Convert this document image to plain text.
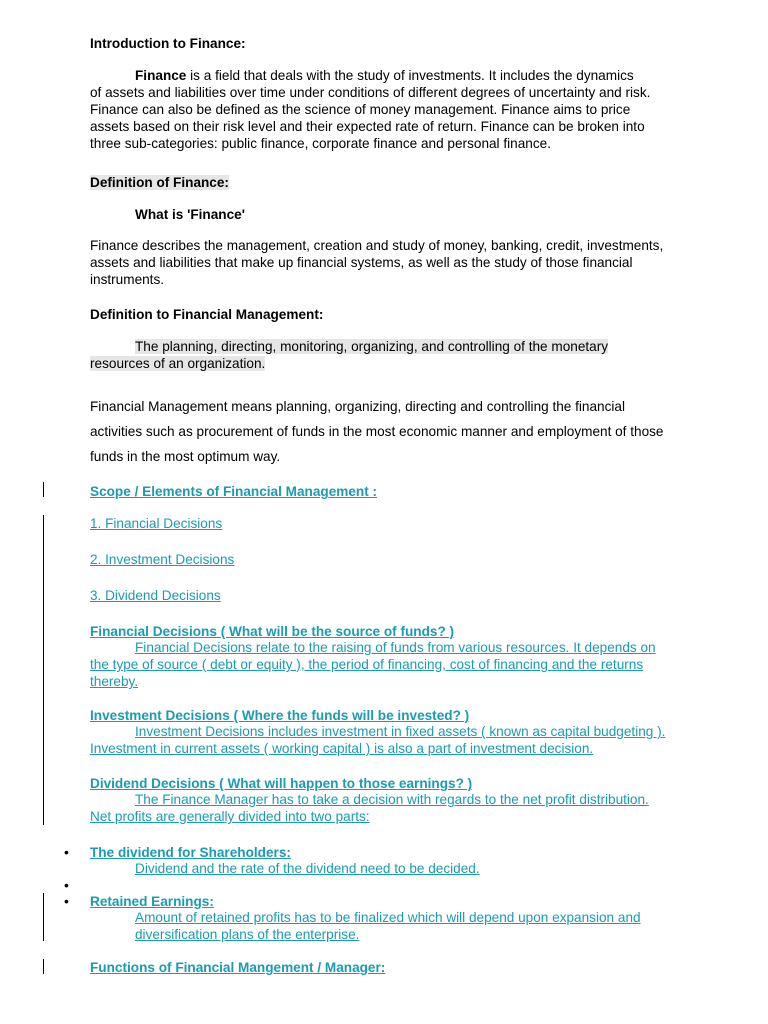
Introduction to Finance:
Finance is a field that deals with the study of investments. It includes the dynamics
of assets and liabilities over time under conditions of different degrees of uncertainty and risk.
Finance can also be defined as the science of money management. Finance aims to price
assets based on their risk level and their expected rate of return. Finance can be broken into
three sub-categories: public finance, corporate finance and personal finance.
Definition of Finance:
What is 'Finance'
Finance describes the management, creation and study of money, banking, credit, investments,
assets and liabilities that make up financial systems, as well as the study of those financial
instruments.
Definition to Financial Management:
The planning, directing, monitoring, organizing, and controlling of the monetary
resources of an organization.
Financial Management means planning, organizing, directing and controlling the financial
activities such as procurement of funds in the most economic manner and employment of those
funds in the most optimum way.
Scope / Elements of Financial Management :
1. Financial Decisions
2. Investment Decisions
3. Dividend Decisions
Financial Decisions ( What will be the source of funds? )
Financial Decisions relate to the raising of funds from various resources. It depends on
the type of source ( debt or equity ), the period of financing, cost of financing and the returns
thereby.
Investment Decisions ( Where the funds will be invested? )
Investment Decisions includes investment in fixed assets ( known as capital budgeting ).
Investment in current assets ( working capital ) is also a part of investment decision.
Dividend Decisions ( What will happen to those earnings? )
The Finance Manager has to take a decision with regards to the net profit distribution.
Net profits are generally divided into two parts:
• The dividend for Shareholders:
Dividend and the rate of the dividend need to be decided.
•
• Retained Earnings:
Amount of retained profits has to be finalized which will depend upon expansion and
diversification plans of the enterprise.
Functions of Financial Mangement / Manager:
